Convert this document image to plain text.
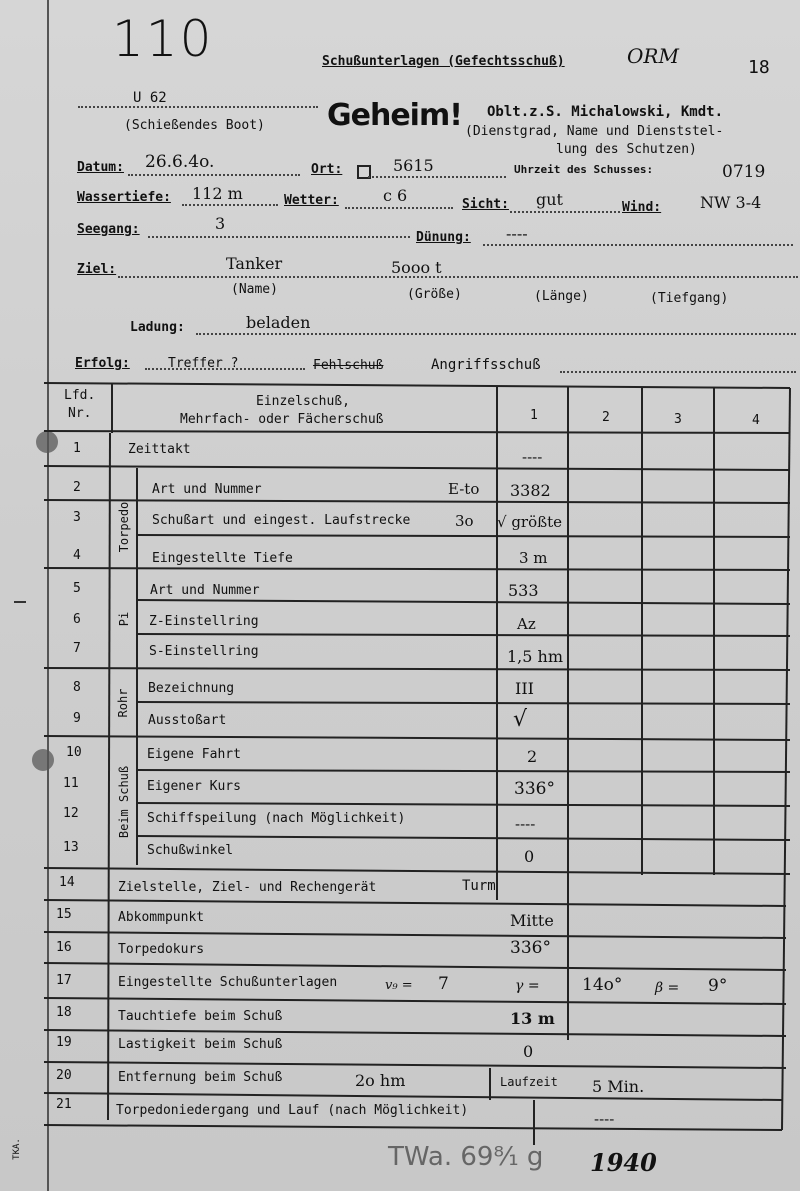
110	Schußunterlagen (Gefechtsschuß)	ORM	18
U 62
(Schießendes Boot) Geheim! Oblt.z.S. Michalowski, Kmdt.
(Dienstgrad, Name und Dienststel-
lung des Schutzen)
Datum: 26.6.4o.	Ort:	5615	Uhrzeit des Schusses:	0719
Wassertiefe: 112 m	Wetter:	c 6	Sicht: gut	Wind: NW 3-4
Seegang:	3
Dünung: ----
Ziel:	Tanker	5ooo t
(Name)	(Größe)	(Länge)	(Tiefgang)
Ladung:	beladen
Erfolg:	Treffer ?	Fehlschuß	Angriffsschuß
Lfd.
Nr.
Einzelschuß,
Mehrfach- oder Fächerschuß	1	2	3	4
Torpedo
Pi
Rohr
Beim Schuß
1	Zeittakt	----
2	Art und Nummer	E-to 3382
3	Schußart und eingest. Laufstrecke	3o √ größte
4	Eingestellte Tiefe	3 m
5	Art und Nummer	533
6	Z-Einstellring	Az
7	S-Einstellring	1,5 hm
8	Bezeichnung	III
9	Ausstoßart	√
10	Eigene Fahrt	2
11	Eigener Kurs	336°
12	Schiffspeilung (nach Möglichkeit)	----
13	Schußwinkel	0
14	Zielstelle, Ziel- und Rechengerät	Turm
15	Abkommpunkt	Mitte
16	Torpedokurs	336°
17	Eingestellte Schußunterlagen	v₉ = 7	γ = 14o° β = 9°
18	Tauchtiefe beim Schuß	13 m
19	Lastigkeit beim Schuß	0
20	Entfernung beim Schuß	2o hm	Laufzeit 5 Min.
21	Torpedoniedergang und Lauf (nach Möglichkeit)	----
TWa. 69⁸⁄₁ g 1940
TKA.
